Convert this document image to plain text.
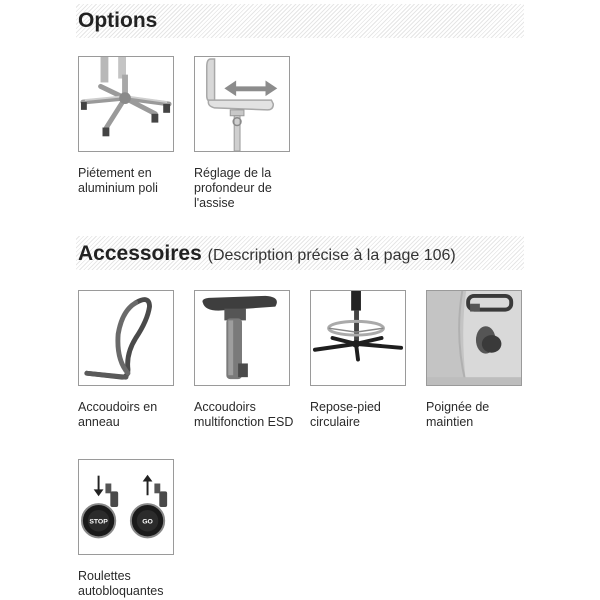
Options
Piétement en aluminium poli
Réglage de la profondeur de l'assise
Accessoires (Description précise à la page 106)
Accoudoirs en anneau
Accoudoirs multifonction ESD
Repose-pied circulaire
Poignée de maintien
STOP	GO
Roulettes autobloquantes
